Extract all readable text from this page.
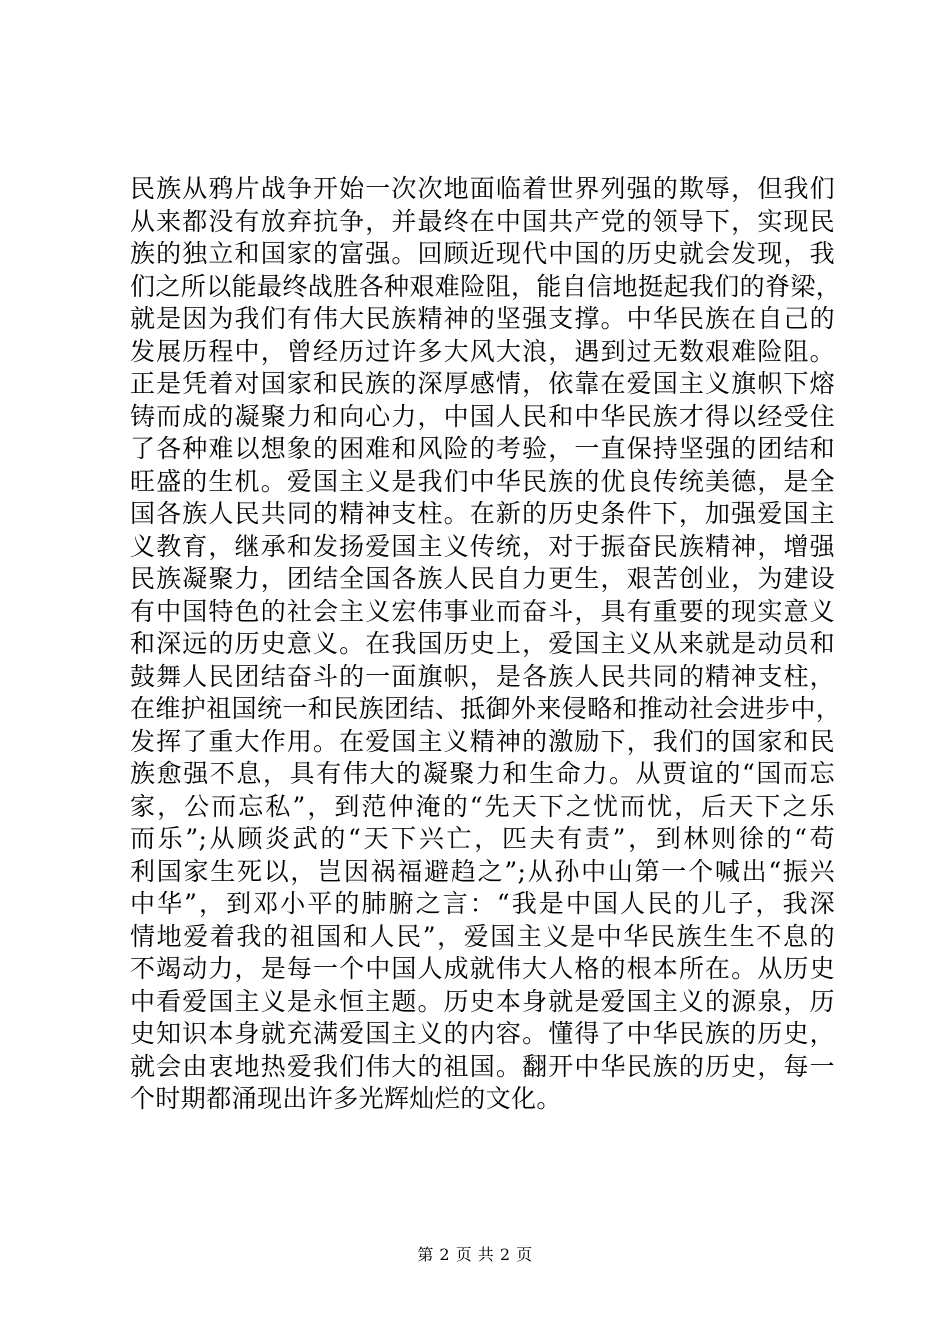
民族从鸦片战争开始一次次地面临着世界列强的欺辱，但我们
从来都没有放弃抗争，并最终在中国共产党的领导下，实现民
族的独立和国家的富强。回顾近现代中国的历史就会发现，我
们之所以能最终战胜各种艰难险阻，能自信地挺起我们的脊梁，
就是因为我们有伟大民族精神的坚强支撑。中华民族在自己的
发展历程中，曾经历过许多大风大浪，遇到过无数艰难险阻。
正是凭着对国家和民族的深厚感情，依靠在爱国主义旗帜下熔
铸而成的凝聚力和向心力，中国人民和中华民族才得以经受住
了各种难以想象的困难和风险的考验，一直保持坚强的团结和
旺盛的生机。爱国主义是我们中华民族的优良传统美德，是全
国各族人民共同的精神支柱。在新的历史条件下，加强爱国主
义教育，继承和发扬爱国主义传统，对于振奋民族精神，增强
民族凝聚力，团结全国各族人民自力更生，艰苦创业，为建设
有中国特色的社会主义宏伟事业而奋斗，具有重要的现实意义
和深远的历史意义。在我国历史上，爱国主义从来就是动员和
鼓舞人民团结奋斗的一面旗帜，是各族人民共同的精神支柱，
在维护祖国统一和民族团结、抵御外来侵略和推动社会进步中，
发挥了重大作用。在爱国主义精神的激励下，我们的国家和民
族愈强不息，具有伟大的凝聚力和生命力。从贾谊的“国而忘
家，公而忘私”，到范仲淹的“先天下之忧而忧，后天下之乐
而乐”;从顾炎武的“天下兴亡，匹夫有责”，到林则徐的“苟
利国家生死以，岂因祸福避趋之”;从孙中山第一个喊出“振兴
中华”，到邓小平的肺腑之言：“我是中国人民的儿子，我深
情地爱着我的祖国和人民”，爱国主义是中华民族生生不息的
不竭动力，是每一个中国人成就伟大人格的根本所在。从历史
中看爱国主义是永恒主题。历史本身就是爱国主义的源泉，历
史知识本身就充满爱国主义的内容。懂得了中华民族的历史，
就会由衷地热爱我们伟大的祖国。翻开中华民族的历史，每一
个时期都涌现出许多光辉灿烂的文化。
第 2 页 共 2 页
